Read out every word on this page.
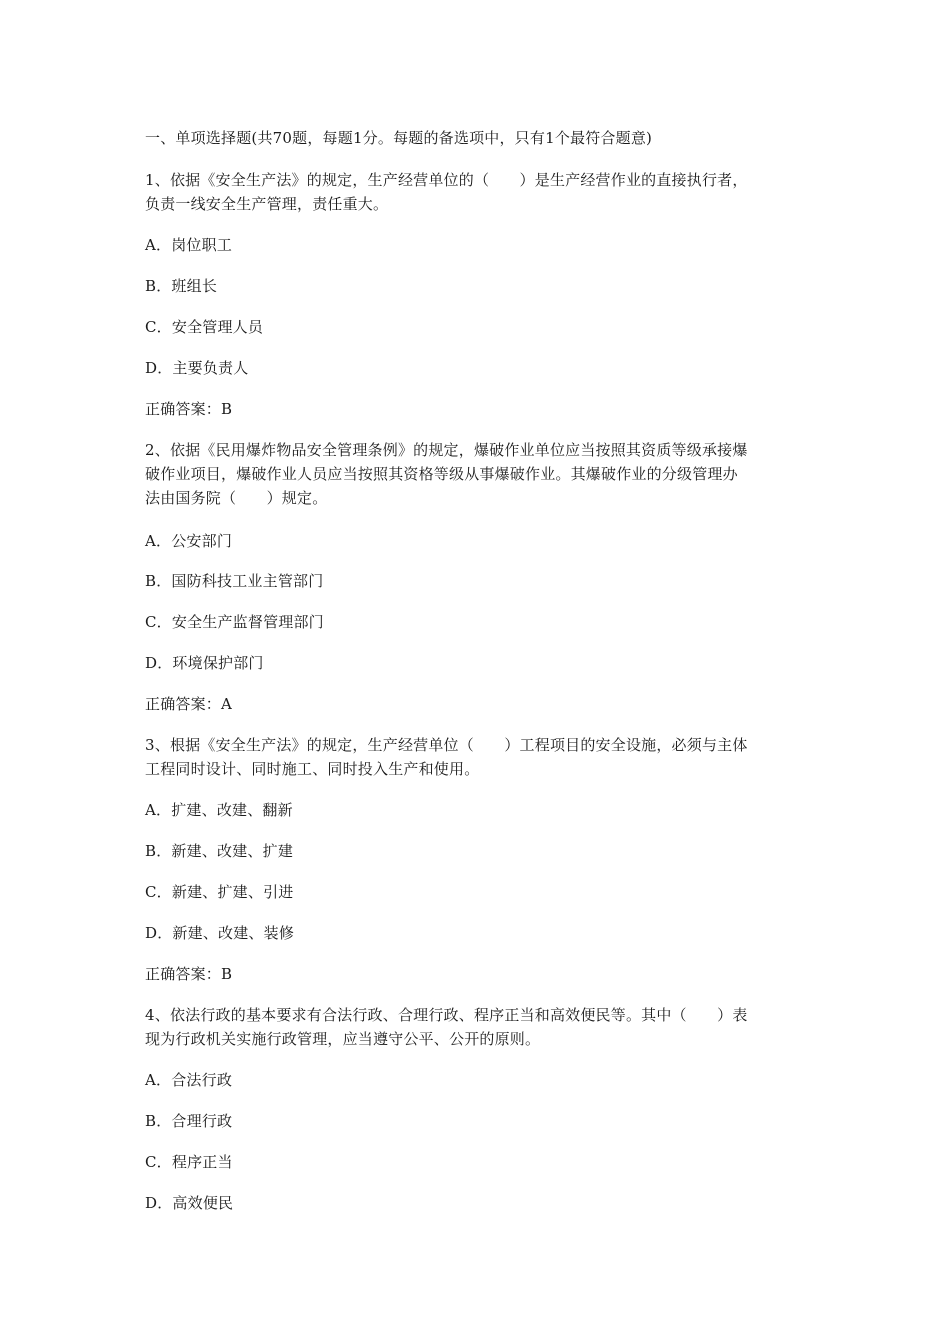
一、单项选择题(共70题，每题1分。每题的备选项中，只有1个最符合题意)
1、依据《安全生产法》的规定，生产经营单位的（　　）是生产经营作业的直接执行者，
负责一线安全生产管理，责任重大。
A．岗位职工
B．班组长
C．安全管理人员
D．主要负责人
正确答案：B
2、依据《民用爆炸物品安全管理条例》的规定，爆破作业单位应当按照其资质等级承接爆
破作业项目，爆破作业人员应当按照其资格等级从事爆破作业。其爆破作业的分级管理办
法由国务院（　　）规定。
A．公安部门
B．国防科技工业主管部门
C．安全生产监督管理部门
D．环境保护部门
正确答案：A
3、根据《安全生产法》的规定，生产经营单位（　　）工程项目的安全设施，必须与主体
工程同时设计、同时施工、同时投入生产和使用。
A．扩建、改建、翻新
B．新建、改建、扩建
C．新建、扩建、引进
D．新建、改建、装修
正确答案：B
4、依法行政的基本要求有合法行政、合理行政、程序正当和高效便民等。其中（　　）表
现为行政机关实施行政管理，应当遵守公平、公开的原则。
A．合法行政
B．合理行政
C．程序正当
D．高效便民
